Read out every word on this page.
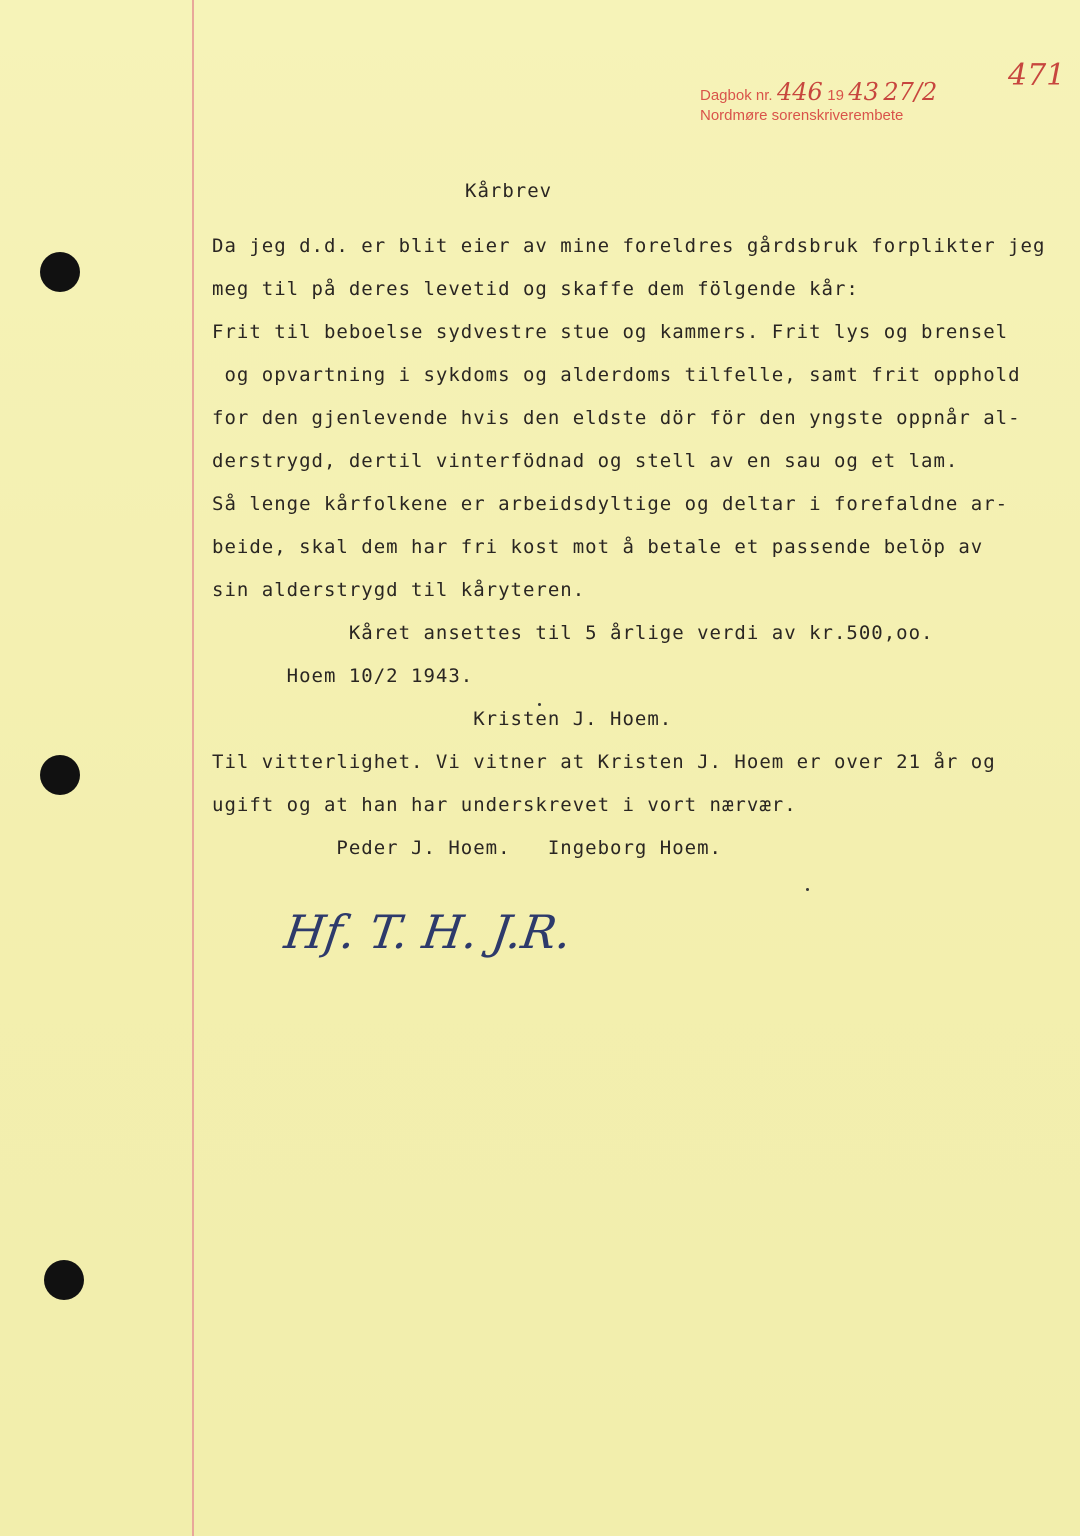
Dagbok nr. 446 19 43 27/2
Nordmøre sorenskriverembete
471
Kårbrev
Da jeg d.d. er blit eier av mine foreldres gårdsbruk forplikter jeg
meg til på deres levetid og skaffe dem fölgende kår:
Frit til beboelse sydvestre stue og kammers. Frit lys og brensel
og opvartning i sykdoms og alderdoms tilfelle, samt frit opphold
for den gjenlevende hvis den eldste dör för den yngste oppnår al-
derstrygd, dertil vinterfödnad og stell av en sau og et lam.
Så lenge kårfolkene er arbeidsdyltige og deltar i forefaldne ar-
beide, skal dem har fri kost mot å betale et passende belöp av
sin alderstrygd til kåryteren.
Kåret ansettes til 5 årlige verdi av kr.500,oo.
Hoem 10/2 1943.
Kristen J. Hoem.
Til vitterlighet. Vi vitner at Kristen J. Hoem er over 21 år og
ugift og at han har underskrevet i vort nærvær.
Peder J. Hoem.   Ingeborg Hoem.
Hf. T. H. J.R.
